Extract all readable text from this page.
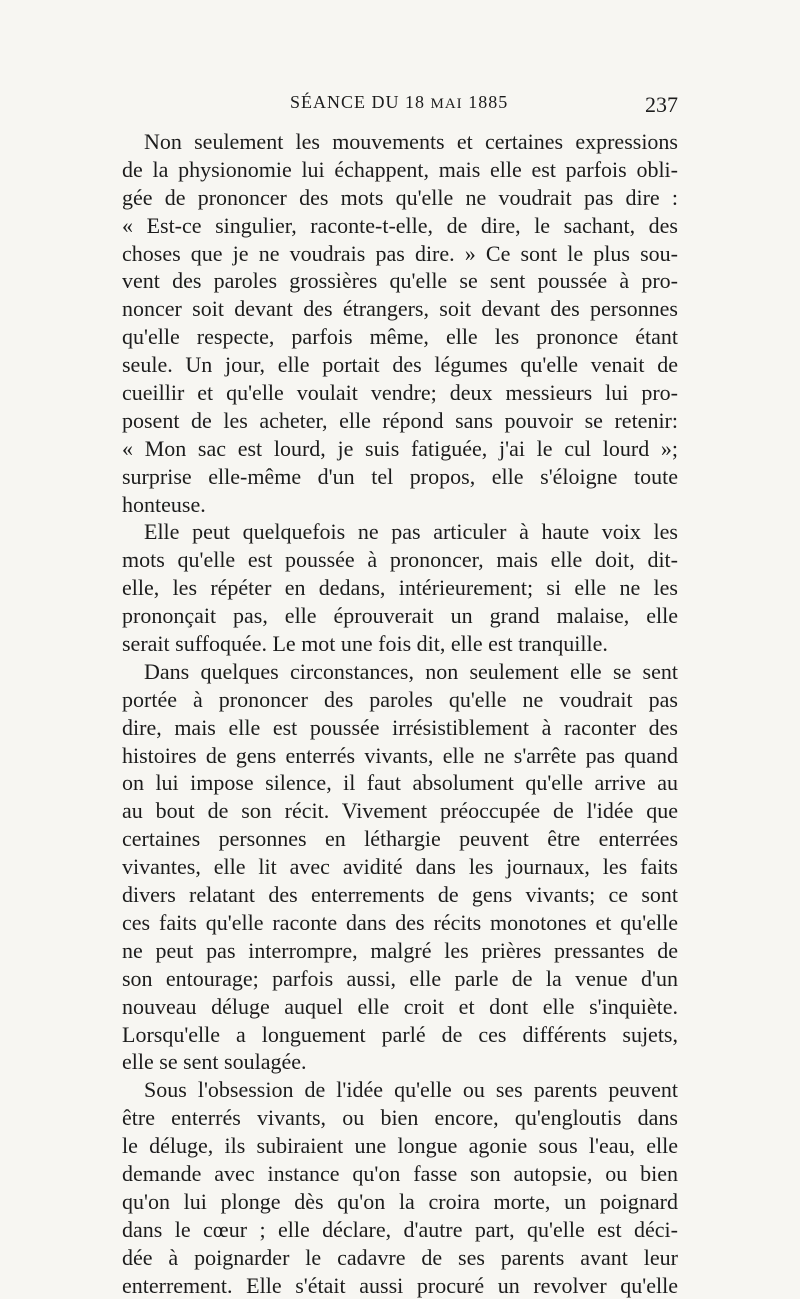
SÉANCE DU 18 MAI 1885	237
Non seulement les mouvements et certaines expressions
de la physionomie lui échappent, mais elle est parfois obli-
gée de prononcer des mots qu'elle ne voudrait pas dire :
« Est-ce singulier, raconte-t-elle, de dire, le sachant, des
choses que je ne voudrais pas dire. » Ce sont le plus sou-
vent des paroles grossières qu'elle se sent poussée à pro-
noncer soit devant des étrangers, soit devant des personnes
qu'elle respecte, parfois même, elle les prononce étant
seule. Un jour, elle portait des légumes qu'elle venait de
cueillir et qu'elle voulait vendre; deux messieurs lui pro-
posent de les acheter, elle répond sans pouvoir se retenir:
« Mon sac est lourd, je suis fatiguée, j'ai le cul lourd »;
surprise elle-même d'un tel propos, elle s'éloigne toute
honteuse.
Elle peut quelquefois ne pas articuler à haute voix les
mots qu'elle est poussée à prononcer, mais elle doit, dit-
elle, les répéter en dedans, intérieurement; si elle ne les
prononçait pas, elle éprouverait un grand malaise, elle
serait suffoquée. Le mot une fois dit, elle est tranquille.
Dans quelques circonstances, non seulement elle se sent
portée à prononcer des paroles qu'elle ne voudrait pas
dire, mais elle est poussée irrésistiblement à raconter des
histoires de gens enterrés vivants, elle ne s'arrête pas quand
on lui impose silence, il faut absolument qu'elle arrive au
au bout de son récit. Vivement préoccupée de l'idée que
certaines personnes en léthargie peuvent être enterrées
vivantes, elle lit avec avidité dans les journaux, les faits
divers relatant des enterrements de gens vivants; ce sont
ces faits qu'elle raconte dans des récits monotones et qu'elle
ne peut pas interrompre, malgré les prières pressantes de
son entourage; parfois aussi, elle parle de la venue d'un
nouveau déluge auquel elle croit et dont elle s'inquiète.
Lorsqu'elle a longuement parlé de ces différents sujets,
elle se sent soulagée.
Sous l'obsession de l'idée qu'elle ou ses parents peuvent
être enterrés vivants, ou bien encore, qu'engloutis dans
le déluge, ils subiraient une longue agonie sous l'eau, elle
demande avec instance qu'on fasse son autopsie, ou bien
qu'on lui plonge dès qu'on la croira morte, un poignard
dans le cœur ; elle déclare, d'autre part, qu'elle est déci-
dée à poignarder le cadavre de ses parents avant leur
enterrement. Elle s'était aussi procuré un revolver qu'elle
